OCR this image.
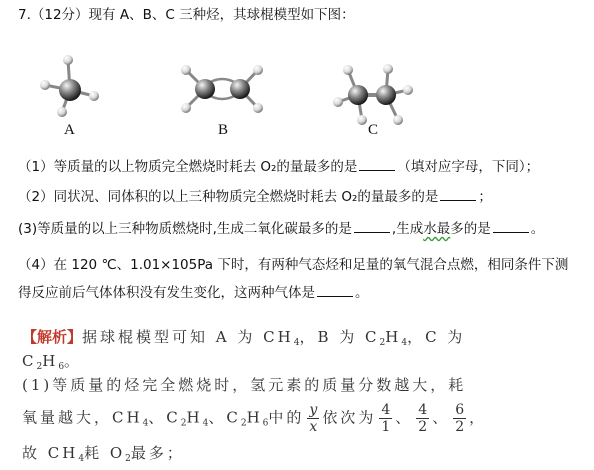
7.（12分）现有 A、B、C 三种烃，其球棍模型如下图：
A	B	C
（1）等质量的以上物质完全燃烧时耗去 O₂的量最多的是	（填对应字母，下同）；
（2）同状况、同体积的以上三种物质完全燃烧时耗去 O₂的量最多的是	；
(3)等质量的以上三种物质燃烧时,生成二氧化碳最多的是	,生成水最多的是	。
（4）在 120 ℃、1.01×105Pa 下时，有两种气态烃和足量的氧气混合点燃，相同条件下测
得反应前后气体体积没有发生变化，这两种气体是	。
【解析】据球棍模型可知 A 为 $CH_4$，B 为 $C_2H_4$，C 为
$C_2H_6$。
(1)等质量的烃完全燃烧时，氢元素的质量分数越大，耗
氧量越大，$CH_4$、$C_2H_4$、$C_2H_6$中的 $\frac{y}{x}$ 依次为 $\frac{4}{1}$ 、 $\frac{4}{2}$ 、 $\frac{6}{2}$ ，
故 $CH_4$耗 $O_2$最多；
